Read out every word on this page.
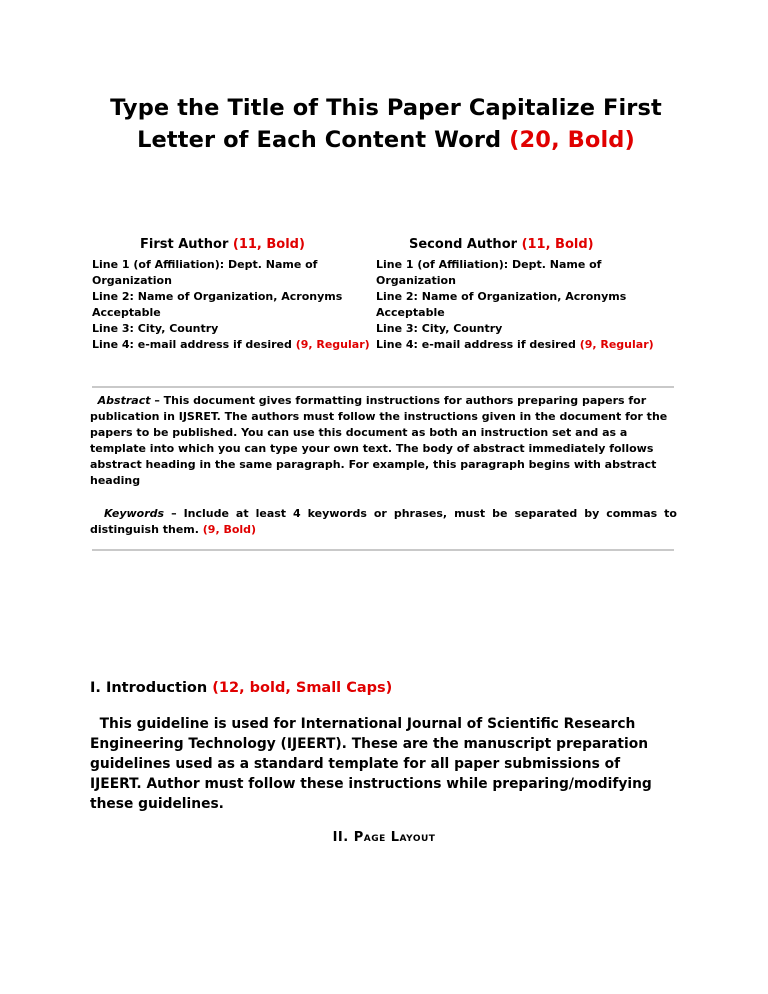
Type the Title of This Paper Capitalize First Letter of Each Content Word (20, Bold)
First Author (11, Bold)
Line 1 (of Affiliation): Dept. Name of Organization
Line 2: Name of Organization, Acronyms Acceptable
Line 3: City, Country
Line 4: e-mail address if desired (9, Regular)
Second Author (11, Bold)
Line 1 (of Affiliation): Dept. Name of Organization
Line 2: Name of Organization, Acronyms Acceptable
Line 3: City, Country
Line 4: e-mail address if desired (9, Regular)
Abstract – This document gives formatting instructions for authors preparing papers for publication in IJSRET. The authors must follow the instructions given in the document for the papers to be published. You can use this document as both an instruction set and as a template into which you can type your own text. The body of abstract immediately follows abstract heading in the same paragraph. For example, this paragraph begins with abstract heading
Keywords – Include at least 4 keywords or phrases, must be separated by commas to distinguish them. (9, Bold)
I. Introduction (12, bold, Small Caps)
This guideline is used for International Journal of Scientific Research Engineering Technology (IJEERT). These are the manuscript preparation guidelines used as a standard template for all paper submissions of IJEERT. Author must follow these instructions while preparing/modifying these guidelines.
II. Page Layout
